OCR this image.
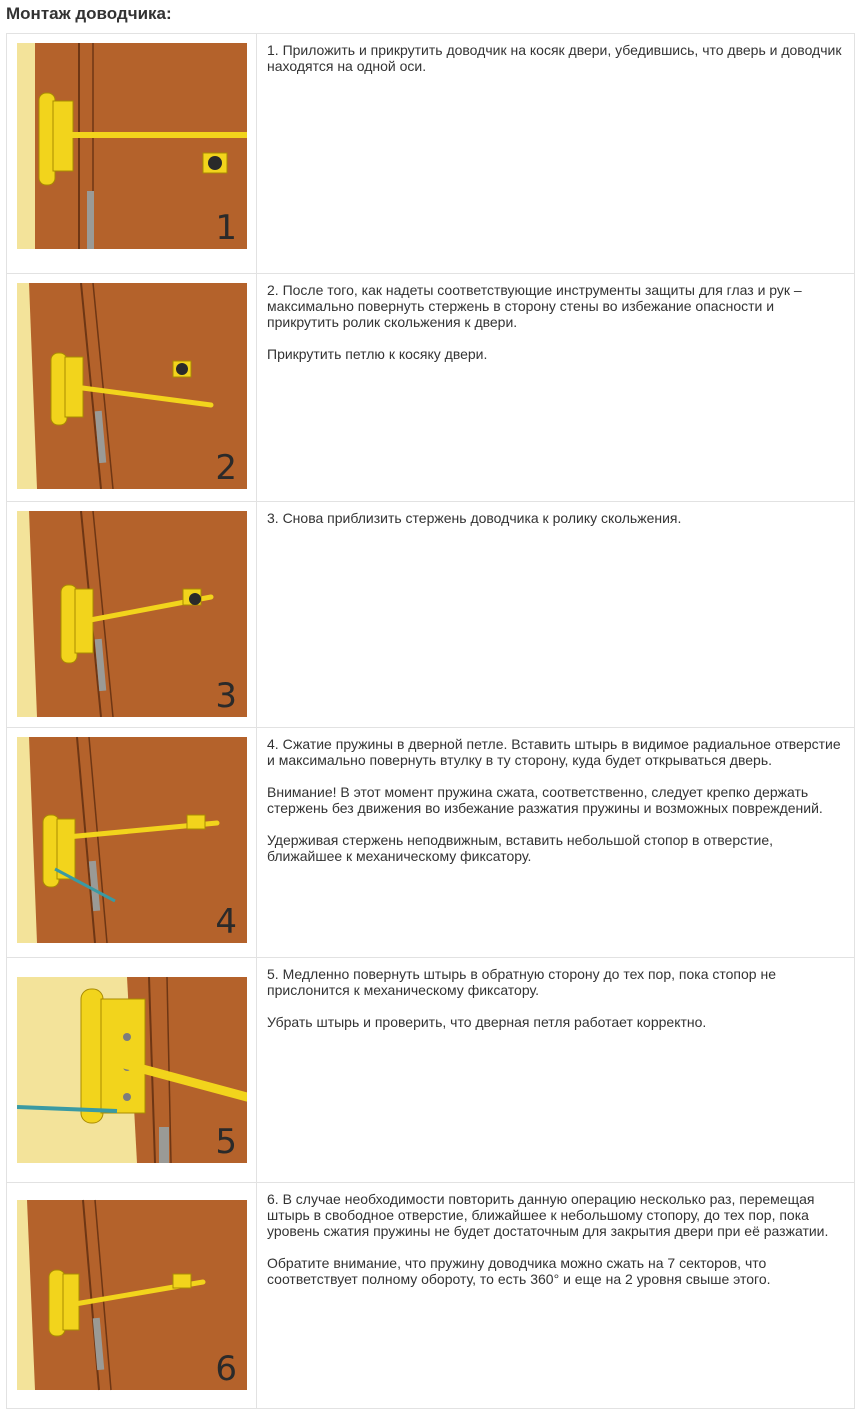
Монтаж доводчика:
1	1. Приложить и прикрутить доводчик на косяк двери, убедившись, что дверь и доводчик находятся на одной оси.

2	2. После того, как надеты соответствующие инструменты защиты для глаз и рук – максимально повернуть стержень в сторону стены во избежание опасности и прикрутить ролик скольжения к двери.

Прикрутить петлю к косяку двери.

3	3. Снова приблизить стержень доводчика к ролику скольжения.

4	4. Сжатие пружины в дверной петле. Вставить штырь в видимое радиальное отверстие и максимально повернуть втулку в ту сторону, куда будет открываться дверь.

Внимание! В этот момент пружина сжата, соответственно, следует крепко держать стержень без движения во избежание разжатия пружины и возможных повреждений.

Удерживая стержень неподвижным, вставить небольшой стопор в отверстие, ближайшее к механическому фиксатору.

5	5. Медленно повернуть штырь в обратную сторону до тех пор, пока стопор не прислонится к механическому фиксатору.

Убрать штырь и проверить, что дверная петля работает корректно.

6	6. В случае необходимости повторить данную операцию несколько раз, перемещая штырь в свободное отверстие, ближайшее к небольшому стопору, до тех пор, пока уровень сжатия пружины не будет достаточным для закрытия двери при её разжатии.

Обратите внимание, что пружину доводчика можно сжать на 7 секторов, что соответствует полному обороту, то есть 360° и еще на 2 уровня свыше этого.
